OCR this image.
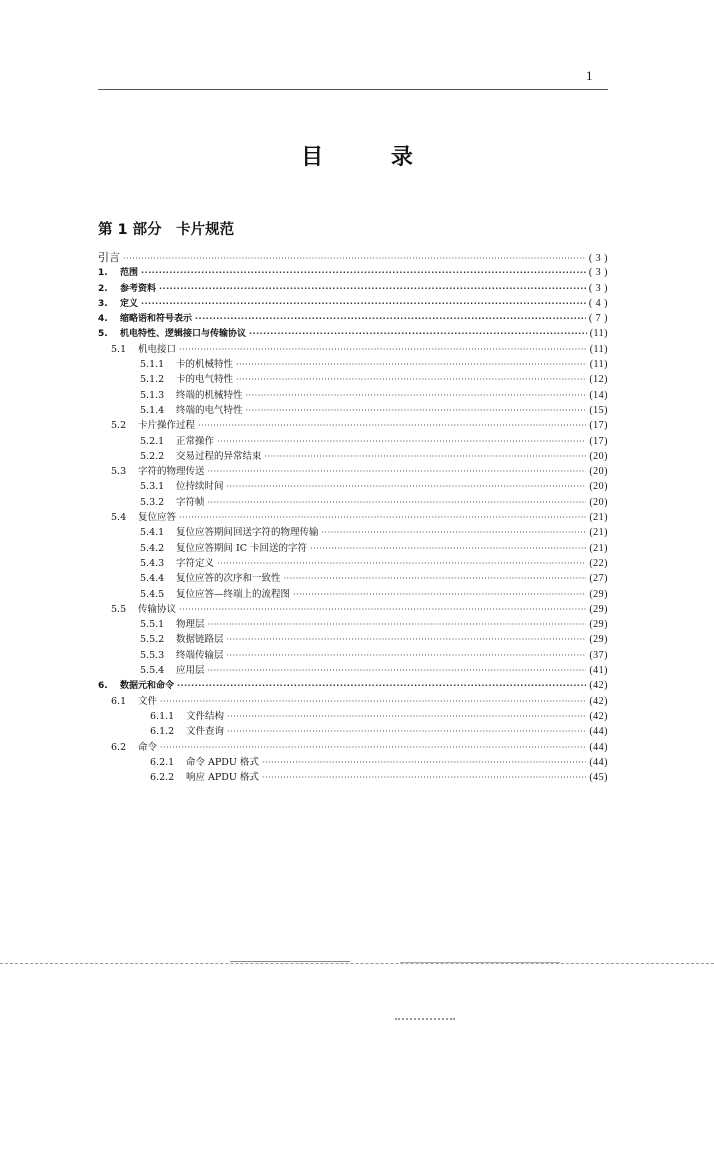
1
目 录
第 1 部分　卡片规范
引言 ·····	( 3 )
1.	范围 ·····	( 3 )
2.	参考资料 ·····	( 3 )
3.	定义 ·····	( 4 )
4.	缩略语和符号表示 ·····	( 7 )
5.	机电特性、逻辑接口与传输协议 ·····	(11)
5.1	机电接口 ·····	(11)
5.1.1	卡的机械特性 ·····	(11)
5.1.2	卡的电气特性 ·····	(12)
5.1.3	终端的机械特性 ·····	(14)
5.1.4	终端的电气特性 ·····	(15)
5.2	卡片操作过程 ·····	(17)
5.2.1	正常操作 ·····	(17)
5.2.2	交易过程的异常结束 ·····	(20)
5.3	字符的物理传送 ·····	(20)
5.3.1	位持续时间 ·····	(20)
5.3.2	字符帧 ·····	(20)
5.4	复位应答 ·····	(21)
5.4.1	复位应答期间回送字符的物理传输 ·····	(21)
5.4.2	复位应答期间 IC 卡回送的字符 ·····	(21)
5.4.3	字符定义 ·····	(22)
5.4.4	复位应答的次序和一致性 ·····	(27)
5.4.5	复位应答—终端上的流程图 ·····	(29)
5.5	传输协议 ·····	(29)
5.5.1	物理层 ·····	(29)
5.5.2	数据链路层 ·····	(29)
5.5.3	终端传输层 ·····	(37)
5.5.4	应用层 ·····	(41)
6.	数据元和命令 ·····	(42)
6.1	文件 ·····	(42)
6.1.1	文件结构 ·····	(42)
6.1.2	文件查询 ·····	(44)
6.2	命令 ·····	(44)
6.2.1	命令 APDU 格式 ·····	(44)
6.2.2	响应 APDU 格式 ·····	(45)
